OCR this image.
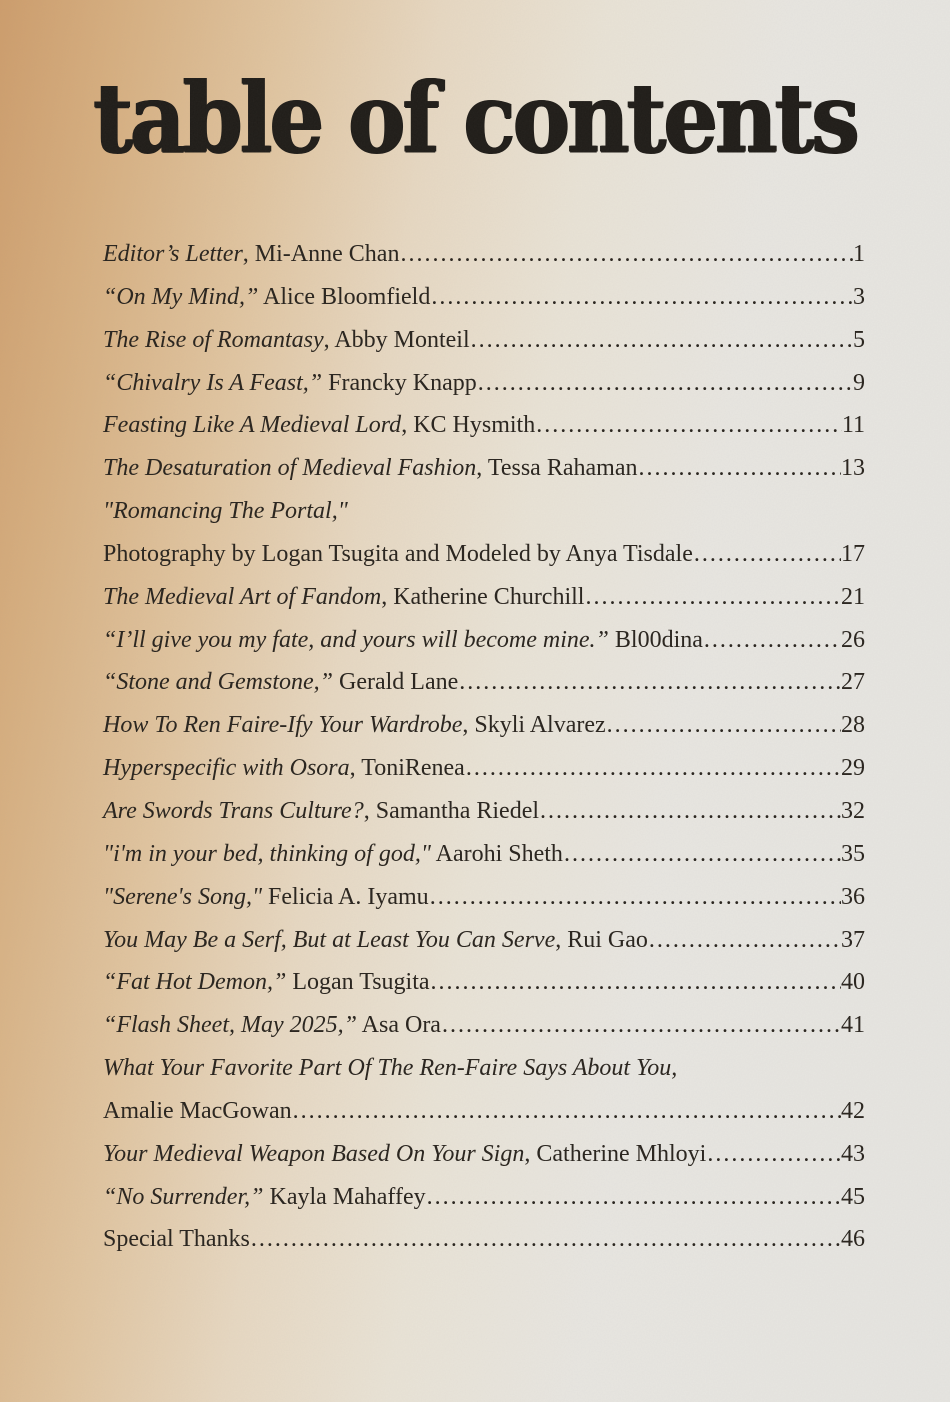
table of contents
Editor’s Letter, Mi-Anne Chan .....	1
“On My Mind,” Alice Bloomfield .....	3
The Rise of Romantasy, Abby Monteil .....	5
“Chivalry Is A Feast,” Francky Knapp .....	9
Feasting Like A Medieval Lord, KC Hysmith .....	11
The Desaturation of Medieval Fashion, Tessa Rahaman .....	13
"Romancing The Portal,"
Photography by Logan Tsugita and Modeled by Anya Tisdale .....	17
The Medieval Art of Fandom, Katherine Churchill .....	21
“I’ll give you my fate, and yours will become mine.” Bl00dina .....	26
“Stone and Gemstone,” Gerald Lane .....	27
How To Ren Faire-Ify Your Wardrobe, Skyli Alvarez .....	28
Hyperspecific with Osora, ToniRenea .....	29
Are Swords Trans Culture?, Samantha Riedel .....	32
"i'm in your bed, thinking of god," Aarohi Sheth .....	35
"Serene's Song," Felicia A. Iyamu .....	36
You May Be a Serf, But at Least You Can Serve, Rui Gao .....	37
“Fat Hot Demon,” Logan Tsugita .....	40
“Flash Sheet, May 2025,” Asa Ora .....	41
What Your Favorite Part Of The Ren-Faire Says About You,
Amalie MacGowan .....	42
Your Medieval Weapon Based On Your Sign, Catherine Mhloyi .....	43
“No Surrender,” Kayla Mahaffey .....	45
Special Thanks .....	46
